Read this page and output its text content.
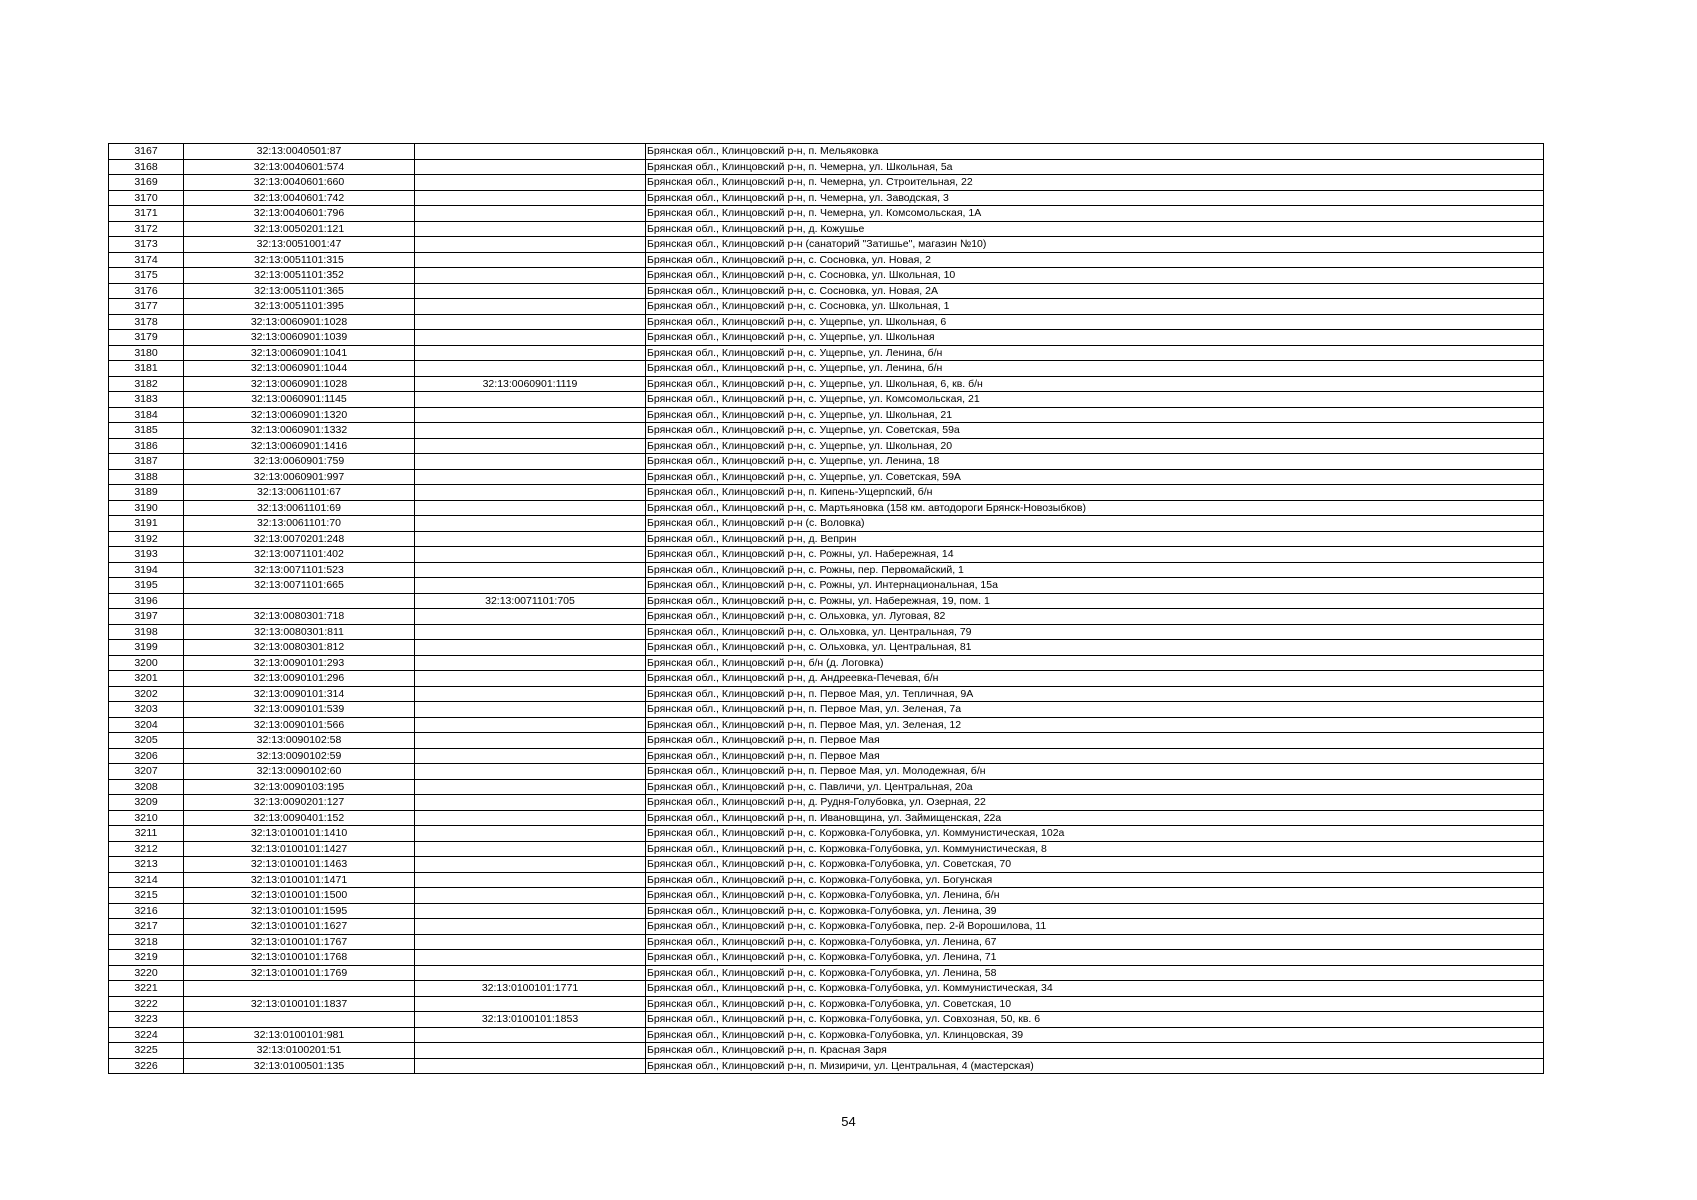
3167	32:13:0040501:87		Брянская обл., Клинцовский р-н, п. Мельяковка
3168	32:13:0040601:574		Брянская обл., Клинцовский р-н, п. Чемерна, ул. Школьная, 5а
3169	32:13:0040601:660		Брянская обл., Клинцовский р-н, п. Чемерна, ул. Строительная, 22
3170	32:13:0040601:742		Брянская обл., Клинцовский р-н, п. Чемерна, ул. Заводская, 3
3171	32:13:0040601:796		Брянская обл., Клинцовский р-н, п. Чемерна, ул. Комсомольская, 1А
3172	32:13:0050201:121		Брянская обл., Клинцовский р-н, д. Кожушье
3173	32:13:0051001:47		Брянская обл., Клинцовский р-н (санаторий "Затишье", магазин №10)
3174	32:13:0051101:315		Брянская обл., Клинцовский р-н, с. Сосновка, ул. Новая, 2
3175	32:13:0051101:352		Брянская обл., Клинцовский р-н, с. Сосновка, ул. Школьная, 10
3176	32:13:0051101:365		Брянская обл., Клинцовский р-н, с. Сосновка, ул. Новая, 2А
3177	32:13:0051101:395		Брянская обл., Клинцовский р-н, с. Сосновка, ул. Школьная, 1
3178	32:13:0060901:1028		Брянская обл., Клинцовский р-н, с. Ущерпье, ул. Школьная, 6
3179	32:13:0060901:1039		Брянская обл., Клинцовский р-н, с. Ущерпье, ул. Школьная
3180	32:13:0060901:1041		Брянская обл., Клинцовский р-н, с. Ущерпье, ул. Ленина, б/н
3181	32:13:0060901:1044		Брянская обл., Клинцовский р-н, с. Ущерпье, ул. Ленина, б/н
3182	32:13:0060901:1028	32:13:0060901:1119	Брянская обл., Клинцовский р-н, с. Ущерпье, ул. Школьная, 6, кв. б/н
3183	32:13:0060901:1145		Брянская обл., Клинцовский р-н, с. Ущерпье, ул. Комсомольская, 21
3184	32:13:0060901:1320		Брянская обл., Клинцовский р-н, с. Ущерпье, ул. Школьная, 21
3185	32:13:0060901:1332		Брянская обл., Клинцовский р-н, с. Ущерпье, ул. Советская, 59а
3186	32:13:0060901:1416		Брянская обл., Клинцовский р-н, с. Ущерпье, ул. Школьная, 20
3187	32:13:0060901:759		Брянская обл., Клинцовский р-н, с. Ущерпье, ул. Ленина, 18
3188	32:13:0060901:997		Брянская обл., Клинцовский р-н, с. Ущерпье, ул. Советская, 59А
3189	32:13:0061101:67		Брянская обл., Клинцовский р-н, п. Кипень-Ущерпский, б/н
3190	32:13:0061101:69		Брянская обл., Клинцовский р-н, с. Мартьяновка (158 км. автодороги Брянск-Новозыбков)
3191	32:13:0061101:70		Брянская обл., Клинцовский р-н (с. Воловка)
3192	32:13:0070201:248		Брянская обл., Клинцовский р-н, д. Веприн
3193	32:13:0071101:402		Брянская обл., Клинцовский р-н, с. Рожны, ул. Набережная, 14
3194	32:13:0071101:523		Брянская обл., Клинцовский р-н, с. Рожны, пер. Первомайский, 1
3195	32:13:0071101:665		Брянская обл., Клинцовский р-н, с. Рожны, ул. Интернациональная, 15а
3196		32:13:0071101:705	Брянская обл., Клинцовский р-н, с. Рожны, ул. Набережная, 19, пом. 1
3197	32:13:0080301:718		Брянская обл., Клинцовский р-н, с. Ольховка, ул. Луговая, 82
3198	32:13:0080301:811		Брянская обл., Клинцовский р-н, с. Ольховка, ул. Центральная, 79
3199	32:13:0080301:812		Брянская обл., Клинцовский р-н, с. Ольховка, ул. Центральная, 81
3200	32:13:0090101:293		Брянская обл., Клинцовский р-н, б/н (д. Логовка)
3201	32:13:0090101:296		Брянская обл., Клинцовский р-н, д. Андреевка-Печевая, б/н
3202	32:13:0090101:314		Брянская обл., Клинцовский р-н, п. Первое Мая, ул. Тепличная, 9А
3203	32:13:0090101:539		Брянская обл., Клинцовский р-н, п. Первое Мая, ул. Зеленая, 7а
3204	32:13:0090101:566		Брянская обл., Клинцовский р-н, п. Первое Мая, ул. Зеленая, 12
3205	32:13:0090102:58		Брянская обл., Клинцовский р-н, п. Первое Мая
3206	32:13:0090102:59		Брянская обл., Клинцовский р-н, п. Первое Мая
3207	32:13:0090102:60		Брянская обл., Клинцовский р-н, п. Первое Мая, ул. Молодежная, б/н
3208	32:13:0090103:195		Брянская обл., Клинцовский р-н, с. Павличи, ул. Центральная, 20а
3209	32:13:0090201:127		Брянская обл., Клинцовский р-н, д. Рудня-Голубовка, ул. Озерная, 22
3210	32:13:0090401:152		Брянская обл., Клинцовский р-н, п. Ивановщина, ул. Займищенская, 22а
3211	32:13:0100101:1410		Брянская обл., Клинцовский р-н, с. Коржовка-Голубовка, ул. Коммунистическая, 102а
3212	32:13:0100101:1427		Брянская обл., Клинцовский р-н, с. Коржовка-Голубовка, ул. Коммунистическая, 8
3213	32:13:0100101:1463		Брянская обл., Клинцовский р-н, с. Коржовка-Голубовка, ул. Советская, 70
3214	32:13:0100101:1471		Брянская обл., Клинцовский р-н, с. Коржовка-Голубовка, ул. Богунская
3215	32:13:0100101:1500		Брянская обл., Клинцовский р-н, с. Коржовка-Голубовка, ул. Ленина, б/н
3216	32:13:0100101:1595		Брянская обл., Клинцовский р-н, с. Коржовка-Голубовка, ул. Ленина, 39
3217	32:13:0100101:1627		Брянская обл., Клинцовский р-н, с. Коржовка-Голубовка, пер. 2-й Ворошилова, 11
3218	32:13:0100101:1767		Брянская обл., Клинцовский р-н, с. Коржовка-Голубовка, ул. Ленина, 67
3219	32:13:0100101:1768		Брянская обл., Клинцовский р-н, с. Коржовка-Голубовка, ул. Ленина, 71
3220	32:13:0100101:1769		Брянская обл., Клинцовский р-н, с. Коржовка-Голубовка, ул. Ленина, 58
3221		32:13:0100101:1771	Брянская обл., Клинцовский р-н, с. Коржовка-Голубовка, ул. Коммунистическая, 34
3222	32:13:0100101:1837		Брянская обл., Клинцовский р-н, с. Коржовка-Голубовка, ул. Советская, 10
3223		32:13:0100101:1853	Брянская обл., Клинцовский р-н, с. Коржовка-Голубовка, ул. Совхозная, 50, кв. 6
3224	32:13:0100101:981		Брянская обл., Клинцовский р-н, с. Коржовка-Голубовка, ул. Клинцовская, 39
3225	32:13:0100201:51		Брянская обл., Клинцовский р-н, п. Красная Заря
3226	32:13:0100501:135		Брянская обл., Клинцовский р-н, п. Мизиричи, ул. Центральная, 4 (мастерская)
54
